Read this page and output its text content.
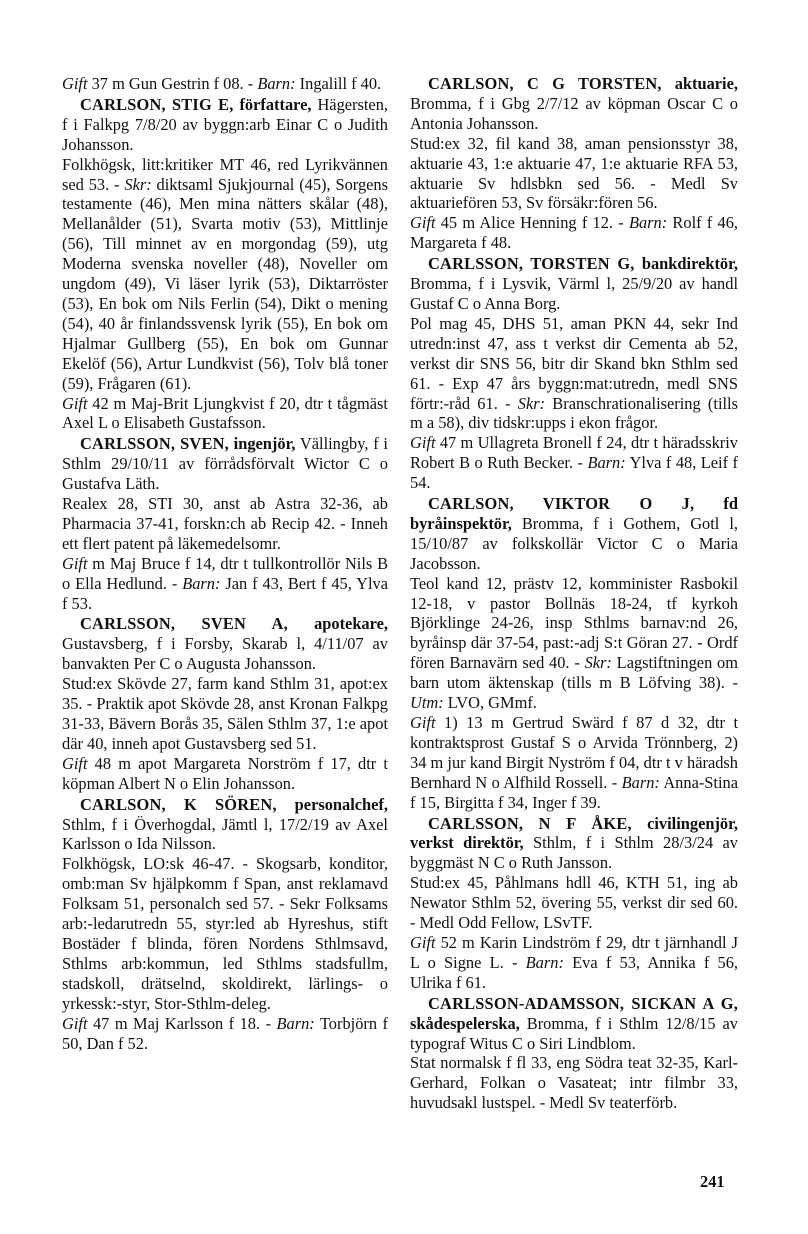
Gift 37 m Gun Gestrin f 08. - Barn: Ingalill f 40.

CARLSON, STIG E, författare, Hägersten, f i Falkpg 7/8/20 av byggn:arb Einar C o Judith Johansson.

Folkhögsk, litt:kritiker MT 46, red Lyrikvännen sed 53. - Skr: diktsaml Sjukjournal (45), Sorgens testamente (46), Men mina nätters skålar (48), Mellanålder (51), Svarta motiv (53), Mittlinje (56), Till minnet av en morgondag (59), utg Moderna svenska noveller (48), Noveller om ungdom (49), Vi läser lyrik (53), Diktarröster (53), En bok om Nils Ferlin (54), Dikt o mening (54), 40 år finlandssvensk lyrik (55), En bok om Hjalmar Gullberg (55), En bok om Gunnar Ekelöf (56), Artur Lundkvist (56), Tolv blå toner (59), Frågaren (61).

Gift 42 m Maj-Brit Ljungkvist f 20, dtr t tågmäst Axel L o Elisabeth Gustafsson.

CARLSSON, SVEN, ingenjör, Vällingby, f i Sthlm 29/10/11 av förrådsförvalt Wictor C o Gustafva Läth.

Realex 28, STI 30, anst ab Astra 32-36, ab Pharmacia 37-41, forskn:ch ab Recip 42. - Inneh ett flert patent på läkemedelsomr.

Gift m Maj Bruce f 14, dtr t tullkontrollör Nils B o Ella Hedlund. - Barn: Jan f 43, Bert f 45, Ylva f 53.

CARLSSON, SVEN A, apotekare, Gustavsberg, f i Forsby, Skarab l, 4/11/07 av banvakten Per C o Augusta Johansson.

Stud:ex Skövde 27, farm kand Sthlm 31, apot:ex 35. - Praktik apot Skövde 28, anst Kronan Falkpg 31-33, Bävern Borås 35, Sälen Sthlm 37, 1:e apot där 40, inneh apot Gustavsberg sed 51.

Gift 48 m apot Margareta Norström f 17, dtr t köpman Albert N o Elin Johansson.

CARLSON, K SÖREN, personalchef, Sthlm, f i Överhogdal, Jämtl l, 17/2/19 av Axel Karlsson o Ida Nilsson.

Folkhögsk, LO:sk 46-47. - Skogsarb, konditor, omb:man Sv hjälpkomm f Span, anst reklamavd Folksam 51, personalch sed 57. - Sekr Folksams arb:-ledarutredn 55, styr:led ab Hyreshus, stift Bostäder f blinda, fören Nordens Sthlmsavd, Sthlms arb:kommun, led Sthlms stadsfullm, stadskoll, drätselnd, skoldirekt, lärlings- o yrkessk:-styr, Stor-Sthlm-deleg.

Gift 47 m Maj Karlsson f 18. - Barn: Torbjörn f 50, Dan f 52.

CARLSON, C G TORSTEN, aktuarie, Bromma, f i Gbg 2/7/12 av köpman Oscar C o Antonia Johansson.

Stud:ex 32, fil kand 38, aman pensionsstyr 38, aktuarie 43, 1:e aktuarie 47, 1:e aktuarie RFA 53, aktuarie Sv hdlsbkn sed 56. - Medl Sv aktuariefören 53, Sv försäkr:fören 56.

Gift 45 m Alice Henning f 12. - Barn: Rolf f 46, Margareta f 48.

CARLSSON, TORSTEN G, bankdirektör, Bromma, f i Lysvik, Värml l, 25/9/20 av handl Gustaf C o Anna Borg.

Pol mag 45, DHS 51, aman PKN 44, sekr Ind utredn:inst 47, ass t verkst dir Cementa ab 52, verkst dir SNS 56, bitr dir Skand bkn Sthlm sed 61. - Exp 47 års byggn:mat:utredn, medl SNS förtr:-råd 61. - Skr: Branschrationalisering (tills m a 58), div tidskr:upps i ekon frågor.

Gift 47 m Ullagreta Bronell f 24, dtr t häradsskriv Robert B o Ruth Becker. - Barn: Ylva f 48, Leif f 54.

CARLSON, VIKTOR O J, fd byråinspektör, Bromma, f i Gothem, Gotl l, 15/10/87 av folkskollär Victor C o Maria Jacobsson.

Teol kand 12, prästv 12, komminister Rasbokil 12-18, v pastor Bollnäs 18-24, tf kyrkoh Björklinge 24-26, insp Sthlms barnav:nd 26, byråinsp där 37-54, past:-adj S:t Göran 27. - Ordf fören Barnavärn sed 40. - Skr: Lagstiftningen om barn utom äktenskap (tills m B Löfving 38). - Utm: LVO, GMmf.

Gift 1) 13 m Gertrud Swärd f 87 d 32, dtr t kontraktsprost Gustaf S o Arvida Trönnberg, 2) 34 m jur kand Birgit Nyström f 04, dtr t v häradsh Bernhard N o Alfhild Rossell. - Barn: Anna-Stina f 15, Birgitta f 34, Inger f 39.

CARLSSON, N F ÅKE, civilingenjör, verkst direktör, Sthlm, f i Sthlm 28/3/24 av byggmäst N C o Ruth Jansson.

Stud:ex 45, Påhlmans hdll 46, KTH 51, ing ab Newator Sthlm 52, övering 55, verkst dir sed 60. - Medl Odd Fellow, LSvTF.

Gift 52 m Karin Lindström f 29, dtr t järnhandl J L o Signe L. - Barn: Eva f 53, Annika f 56, Ulrika f 61.

CARLSSON-ADAMSSON, SICKAN A G, skådespelerska, Bromma, f i Sthlm 12/8/15 av typograf Witus C o Siri Lindblom.

Stat normalsk f fl 33, eng Södra teat 32-35, Karl-Gerhard, Folkan o Vasateat; intr filmbr 33, huvudsakl lustspel. - Medl Sv teaterförb.

241
